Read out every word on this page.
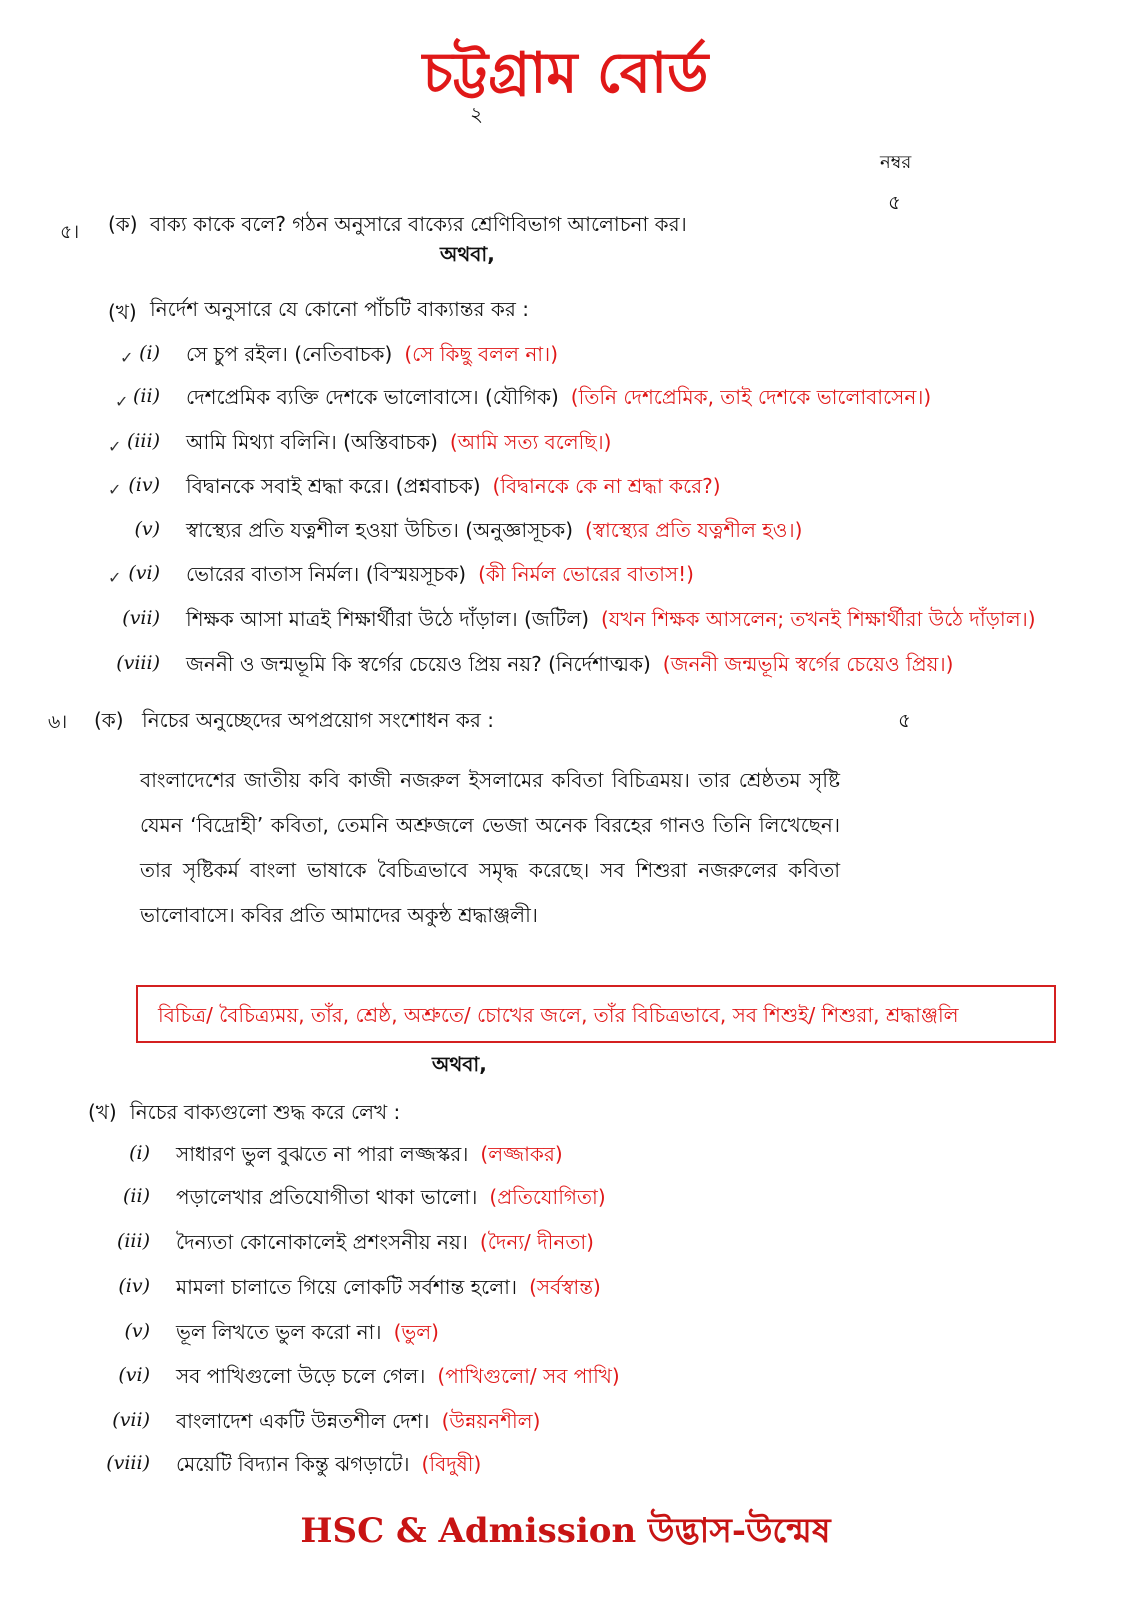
চট্টগ্রাম বোর্ড
২
নম্বর
৫। (ক) বাক্য কাকে বলে? গঠন অনুসারে বাক্যের শ্রেণিবিভাগ আলোচনা কর।
৫
অথবা,
(খ) নির্দেশ অনুসারে যে কোনো পাঁচটি বাক্যান্তর কর :
(i) সে চুপ রইল। (নেতিবাচক) (সে কিছু বলল না।)
(ii) দেশপ্রেমিক ব্যক্তি দেশকে ভালোবাসে। (যৌগিক) (তিনি দেশপ্রেমিক, তাই দেশকে ভালোবাসেন।)
(iii) আমি মিথ্যা বলিনি। (অস্তিবাচক) (আমি সত্য বলেছি।)
(iv) বিদ্বানকে সবাই শ্রদ্ধা করে। (প্রশ্নবাচক) (বিদ্বানকে কে না শ্রদ্ধা করে?)
(v) স্বাস্থ্যের প্রতি যত্নশীল হওয়া উচিত। (অনুজ্ঞাসূচক) (স্বাস্থ্যের প্রতি যত্নশীল হও।)
(vi) ভোরের বাতাস নির্মল। (বিস্ময়সূচক) (কী নির্মল ভোরের বাতাস!)
(vii) শিক্ষক আসা মাত্রই শিক্ষার্থীরা উঠে দাঁড়াল। (জটিল) (যখন শিক্ষক আসলেন; তখনই শিক্ষার্থীরা উঠে দাঁড়াল।)
(viii) জননী ও জন্মভূমি কি স্বর্গের চেয়েও প্রিয় নয়? (নির্দেশাত্মক) (জননী জন্মভূমি স্বর্গের চেয়েও প্রিয়।)
৬। (ক) নিচের অনুচ্ছেদের অপপ্রয়োগ সংশোধন কর :	৫
বাংলাদেশের জাতীয় কবি কাজী নজরুল ইসলামের কবিতা বিচিত্রময়। তার শ্রেষ্ঠতম সৃষ্টি যেমন ‘বিদ্রোহী’ কবিতা, তেমনি অশ্রুজলে ভেজা অনেক বিরহের গানও তিনি লিখেছেন। তার সৃষ্টিকর্ম বাংলা ভাষাকে বৈচিত্রভাবে সমৃদ্ধ করেছে। সব শিশুরা নজরুলের কবিতা ভালোবাসে। কবির প্রতি আমাদের অকুন্ঠ শ্রদ্ধাঞ্জলী।
বিচিত্র/ বৈচিত্র্যময়, তাঁর, শ্রেষ্ঠ, অশ্রুতে/ চোখের জলে, তাঁর বিচিত্রভাবে, সব শিশুই/ শিশুরা, শ্রদ্ধাঞ্জলি
অথবা,
(খ) নিচের বাক্যগুলো শুদ্ধ করে লেখ :
(i) সাধারণ ভুল বুঝতে না পারা লজ্জস্কর। (লজ্জাকর)
(ii) পড়ালেখার প্রতিযোগীতা থাকা ভালো। (প্রতিযোগিতা)
(iii) দৈন্যতা কোনোকালেই প্রশংসনীয় নয়। (দৈন্য/ দীনতা)
(iv) মামলা চালাতে গিয়ে লোকটি সর্বশান্ত হলো। (সর্বস্বান্ত)
(v) ভূল লিখতে ভুল করো না। (ভুল)
(vi) সব পাখিগুলো উড়ে চলে গেল। (পাখিগুলো/ সব পাখি)
(vii) বাংলাদেশ একটি উন্নতশীল দেশ। (উন্নয়নশীল)
(viii) মেয়েটি বিদ্যান কিন্তু ঝগড়াটে। (বিদুষী)
✓
✓
✓
✓
✓
HSC & Admission উদ্ভাস-উন্মেষ
